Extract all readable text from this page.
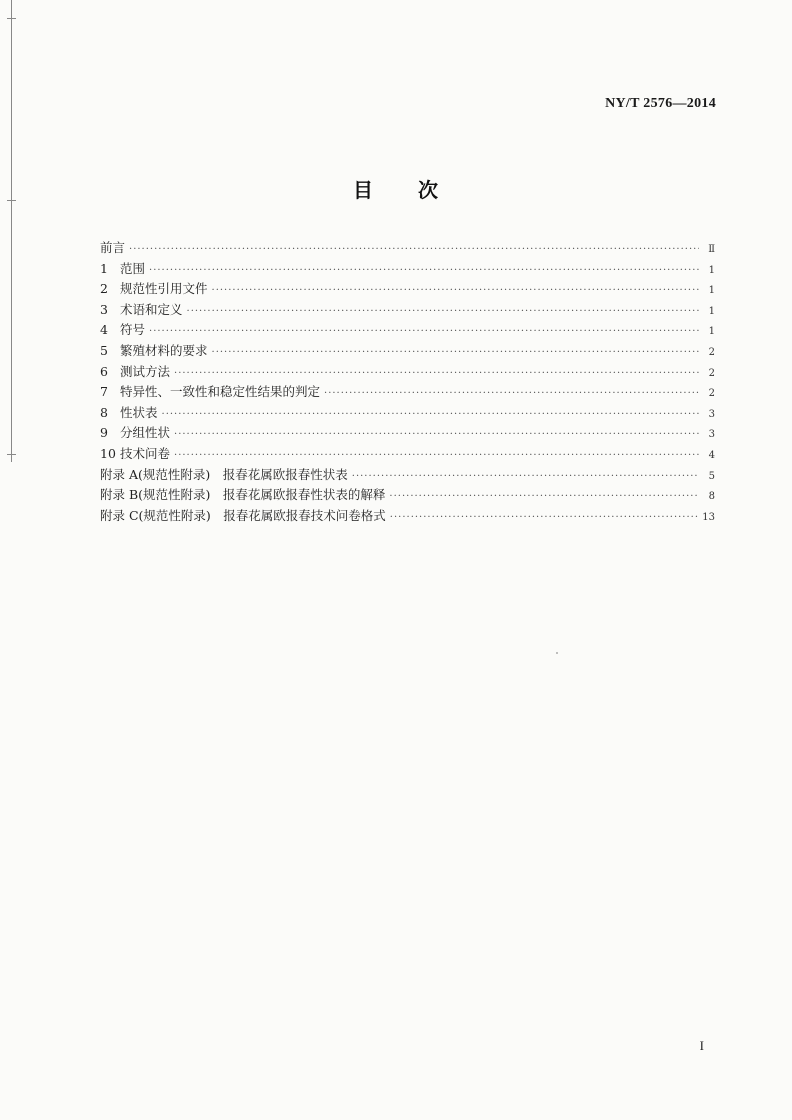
NY/T 2576—2014
目 次
前言 ·····	Ⅱ
1 范围 ·····	1
2 规范性引用文件 ·····	1
3 术语和定义 ·····	1
4 符号 ·····	1
5 繁殖材料的要求 ·····	2
6 测试方法 ·····	2
7 特异性、一致性和稳定性结果的判定 ·····	2
8 性状表 ·····	3
9 分组性状 ·····	3
10 技术问卷 ·····	4
附录 A(规范性附录)　报春花属欧报春性状表 ·····	5
附录 B(规范性附录)　报春花属欧报春性状表的解释 ·····	8
附录 C(规范性附录)　报春花属欧报春技术问卷格式 ·····	13
I
